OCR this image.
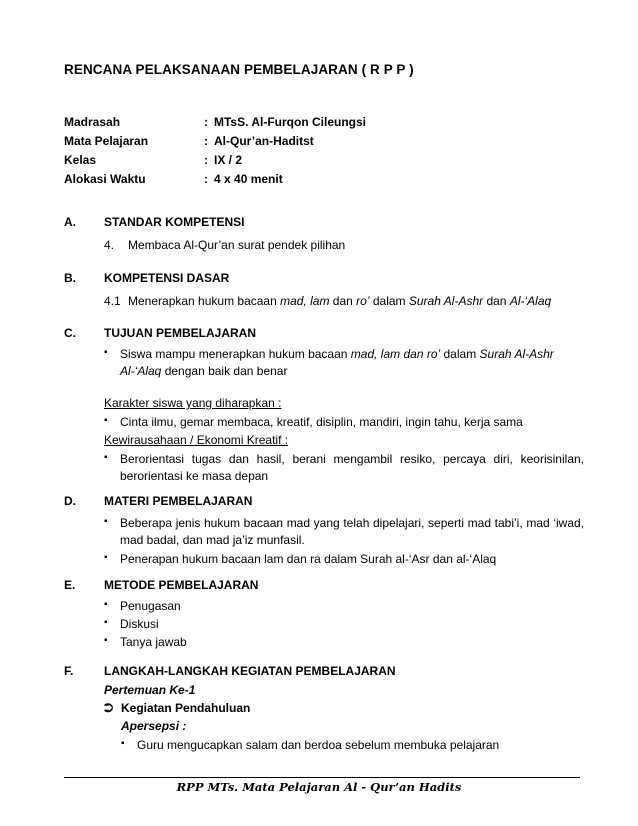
RENCANA PELAKSANAAN PEMBELAJARAN ( R P P )
Madrasah	: MTsS. Al-Furqon Cileungsi
Mata Pelajaran	: Al-Qur’an-Haditst
Kelas	: IX / 2
Alokasi Waktu	: 4 x 40 menit
A.	STANDAR KOMPETENSI
4. Membaca Al-Qur’an surat pendek pilihan
B.	KOMPETENSI DASAR
4.1 Menerapkan hukum bacaan mad, lam dan ro’ dalam Surah Al-Ashr dan Al-‘Alaq
C.	TUJUAN PEMBELAJARAN
▪	Siswa mampu menerapkan hukum bacaan mad, lam dan ro’ dalam Surah Al-Ashr
Al-‘Alaq dengan baik dan benar
Karakter siswa yang diharapkan :
▪	Cinta ilmu, gemar membaca, kreatif, disiplin, mandiri, ingin tahu, kerja sama
Kewirausahaan / Ekonomi Kreatif :
▪	Berorientasi tugas dan hasil, berani mengambil resiko, percaya diri, keorisinilan, berorientasi ke masa depan
D.	MATERI PEMBELAJARAN
▪	Beberapa jenis hukum bacaan mad yang telah dipelajari, seperti mad tabi’i, mad ‘iwad, mad badal, dan mad ja’iz munfasil.
▪	Penerapan hukum bacaan lam dan ra dalam Surah al-‘Asr dan al-‘Alaq
E.	METODE PEMBELAJARAN
▪	Penugasan
▪	Diskusi
▪	Tanya jawab
F.	LANGKAH-LANGKAH KEGIATAN PEMBELAJARAN
Pertemuan Ke-1
⮊ Kegiatan Pendahuluan
Apersepsi :
▪	Guru mengucapkan salam dan berdoa sebelum membuka pelajaran
RPP MTs. Mata Pelajaran Al - Qur’an Hadits
